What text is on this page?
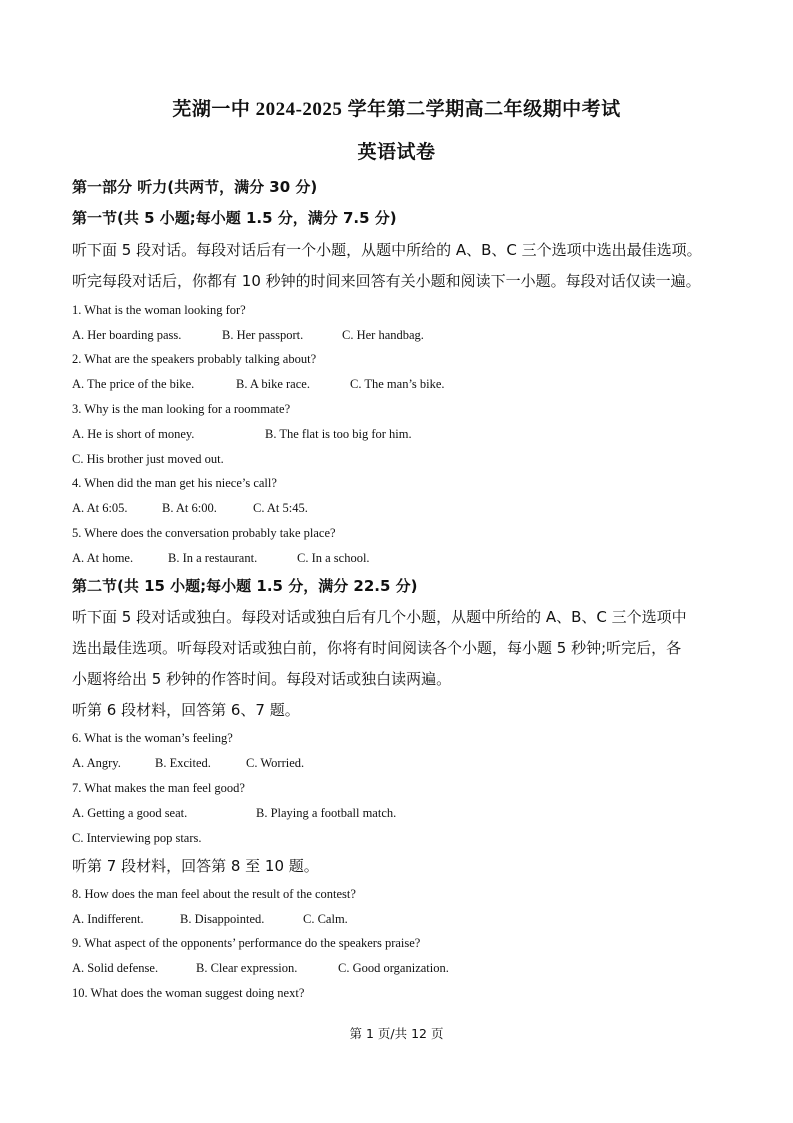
芜湖一中 2024-2025 学年第二学期高二年级期中考试
英语试卷
第一部分 听力(共两节，满分 30 分)
第一节(共 5 小题;每小题 1.5 分，满分 7.5 分)
听下面 5 段对话。每段对话后有一个小题，从题中所给的 A、B、C 三个选项中选出最佳选项。
听完每段对话后，你都有 10 秒钟的时间来回答有关小题和阅读下一小题。每段对话仅读一遍。
1. What is the woman looking for?
A. Her boarding pass.	B. Her passport.	C. Her handbag.
2. What are the speakers probably talking about?
A. The price of the bike.	B. A bike race.	C. The man’s bike.
3. Why is the man looking for a roommate?
A. He is short of money.	B. The flat is too big for him.
C. His brother just moved out.
4. When did the man get his niece’s call?
A. At 6:05.	B. At 6:00.	C. At 5:45.
5. Where does the conversation probably take place?
A. At home.	B. In a restaurant.	C. In a school.
第二节(共 15 小题;每小题 1.5 分，满分 22.5 分)
听下面 5 段对话或独白。每段对话或独白后有几个小题，从题中所给的 A、B、C 三个选项中
选出最佳选项。听每段对话或独白前，你将有时间阅读各个小题，每小题 5 秒钟;听完后，各
小题将给出 5 秒钟的作答时间。每段对话或独白读两遍。
听第 6 段材料，回答第 6、7 题。
6. What is the woman’s feeling?
A. Angry.	B. Excited.	C. Worried.
7. What makes the man feel good?
A. Getting a good seat.	B. Playing a football match.
C. Interviewing pop stars.
听第 7 段材料，回答第 8 至 10 题。
8. How does the man feel about the result of the contest?
A. Indifferent.	B. Disappointed.	C. Calm.
9. What aspect of the opponents’ performance do the speakers praise?
A. Solid defense.	B. Clear expression.	C. Good organization.
10. What does the woman suggest doing next?
第 1 页/共 12 页
